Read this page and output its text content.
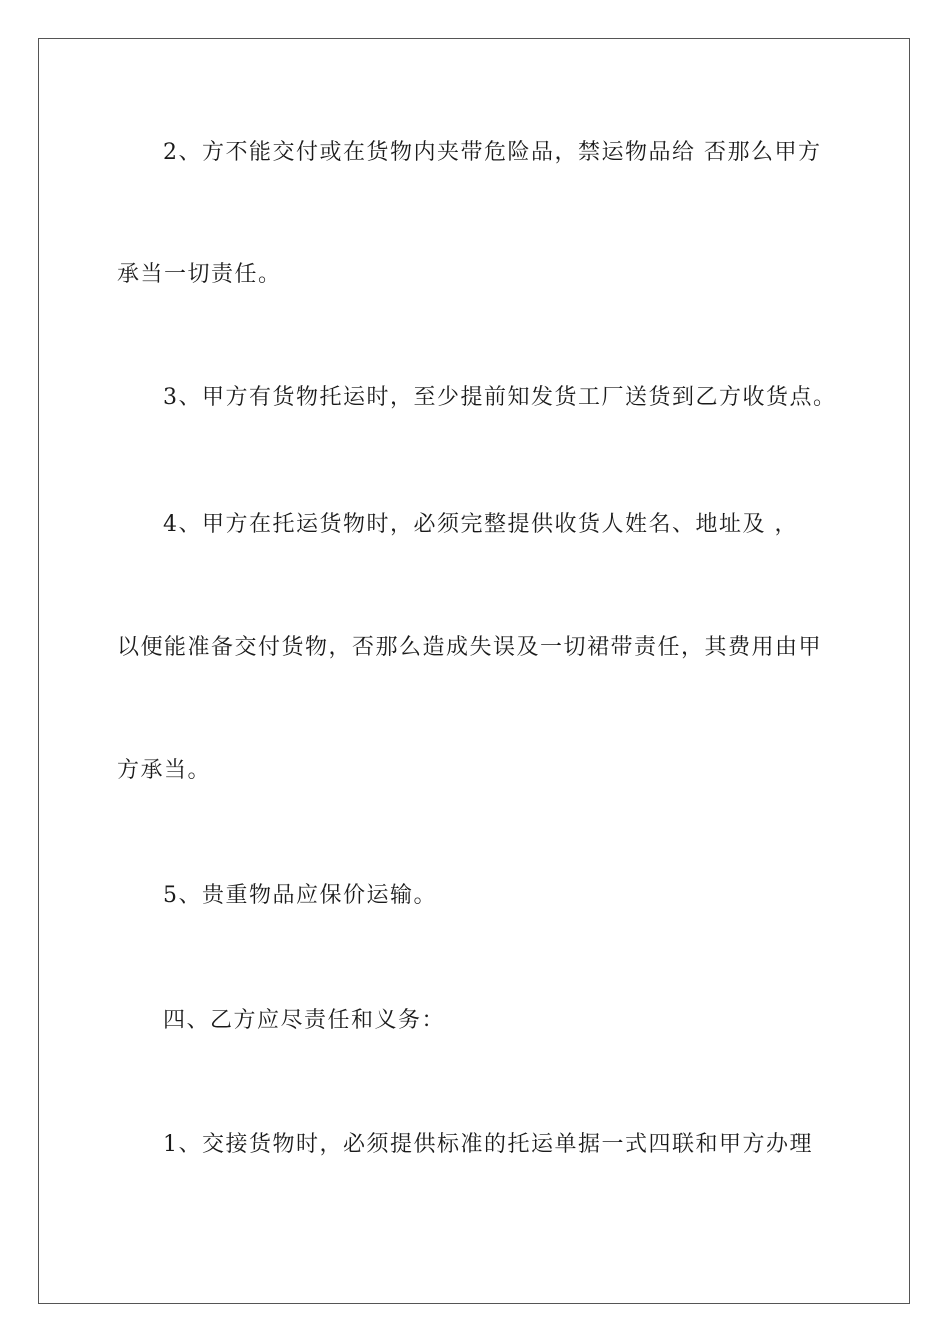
2、方不能交付或在货物内夹带危险品，禁运物品给 否那么甲方
承当一切责任。
3、甲方有货物托运时，至少提前知发货工厂送货到乙方收货点。
4、甲方在托运货物时，必须完整提供收货人姓名、地址及 ，
以便能准备交付货物，否那么造成失误及一切裙带责任，其费用由甲
方承当。
5、贵重物品应保价运输。
四、乙方应尽责任和义务：
1、交接货物时，必须提供标准的托运单据一式四联和甲方办理
